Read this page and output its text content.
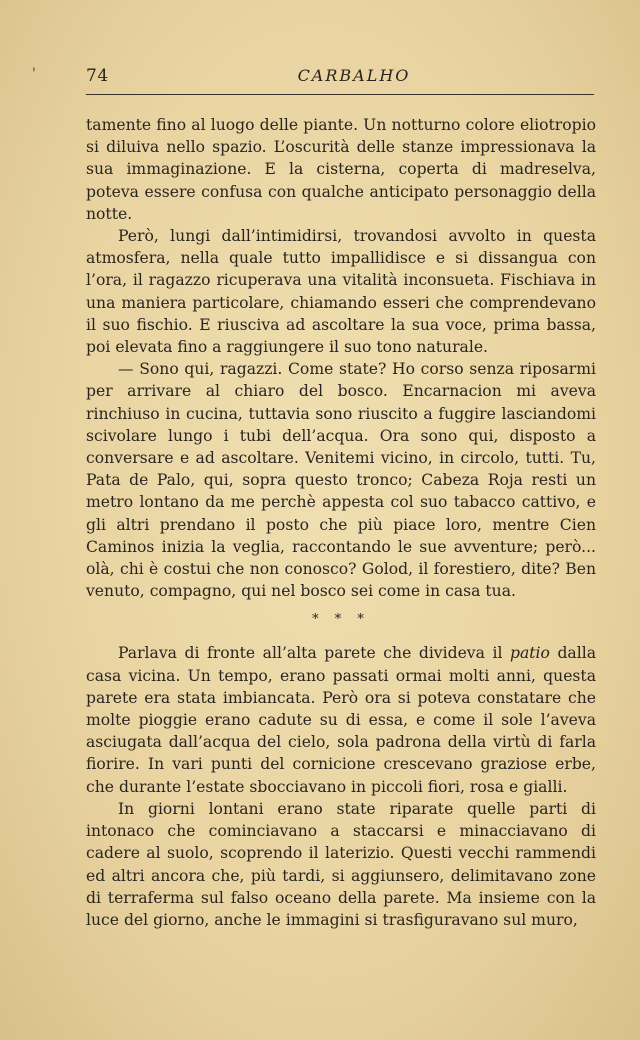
'	74	CARBALHO

tamente fino al luogo delle piante. Un notturno colore eliotropio si diluiva nello spazio. L’oscurità delle stanze impressionava la sua immaginazione. E la cisterna, coperta di madreselva, poteva essere confusa con qualche anticipato personaggio della notte.

Però, lungi dall’intimidirsi, trovandosi avvolto in questa atmosfera, nella quale tutto impallidisce e si dissangua con l’ora, il ragazzo ricuperava una vitalità inconsueta. Fischiava in una maniera particolare, chiamando esseri che comprendevano il suo fischio. E riusciva ad ascoltare la sua voce, prima bassa, poi elevata fino a raggiungere il suo tono naturale.

— Sono qui, ragazzi. Come state? Ho corso senza riposarmi per arrivare al chiaro del bosco. Encarnacion mi aveva rinchiuso in cucina, tuttavia sono riuscito a fuggire lasciandomi scivolare lungo i tubi dell’acqua. Ora sono qui, disposto a conversare e ad ascoltare. Venitemi vicino, in circolo, tutti. Tu, Pata de Palo, qui, sopra questo tronco; Cabeza Roja resti un metro lontano da me perchè appesta col suo tabacco cattivo, e gli altri prendano il posto che più piace loro, mentre Cien Caminos inizia la veglia, raccontando le sue avventure; però... olà, chi è costui che non conosco? Golod, il forestiero, dite? Ben venuto, compagno, qui nel bosco sei come in casa tua.

* * *

Parlava di fronte all’alta parete che divideva il patio dalla casa vicina. Un tempo, erano passati ormai molti anni, questa parete era stata imbiancata. Però ora si poteva constatare che molte pioggie erano cadute su di essa, e come il sole l’aveva asciugata dall’acqua del cielo, sola padrona della virtù di farla fiorire. In vari punti del cornicione crescevano graziose erbe, che durante l’estate sbocciavano in piccoli fiori, rosa e gialli.

In giorni lontani erano state riparate quelle parti di intonaco che cominciavano a staccarsi e minacciavano di cadere al suolo, scoprendo il laterizio. Questi vecchi rammendi ed altri ancora che, più tardi, si aggiunsero, delimitavano zone di terraferma sul falso oceano della parete. Ma insieme con la luce del giorno, anche le immagini si trasfiguravano sul muro,
